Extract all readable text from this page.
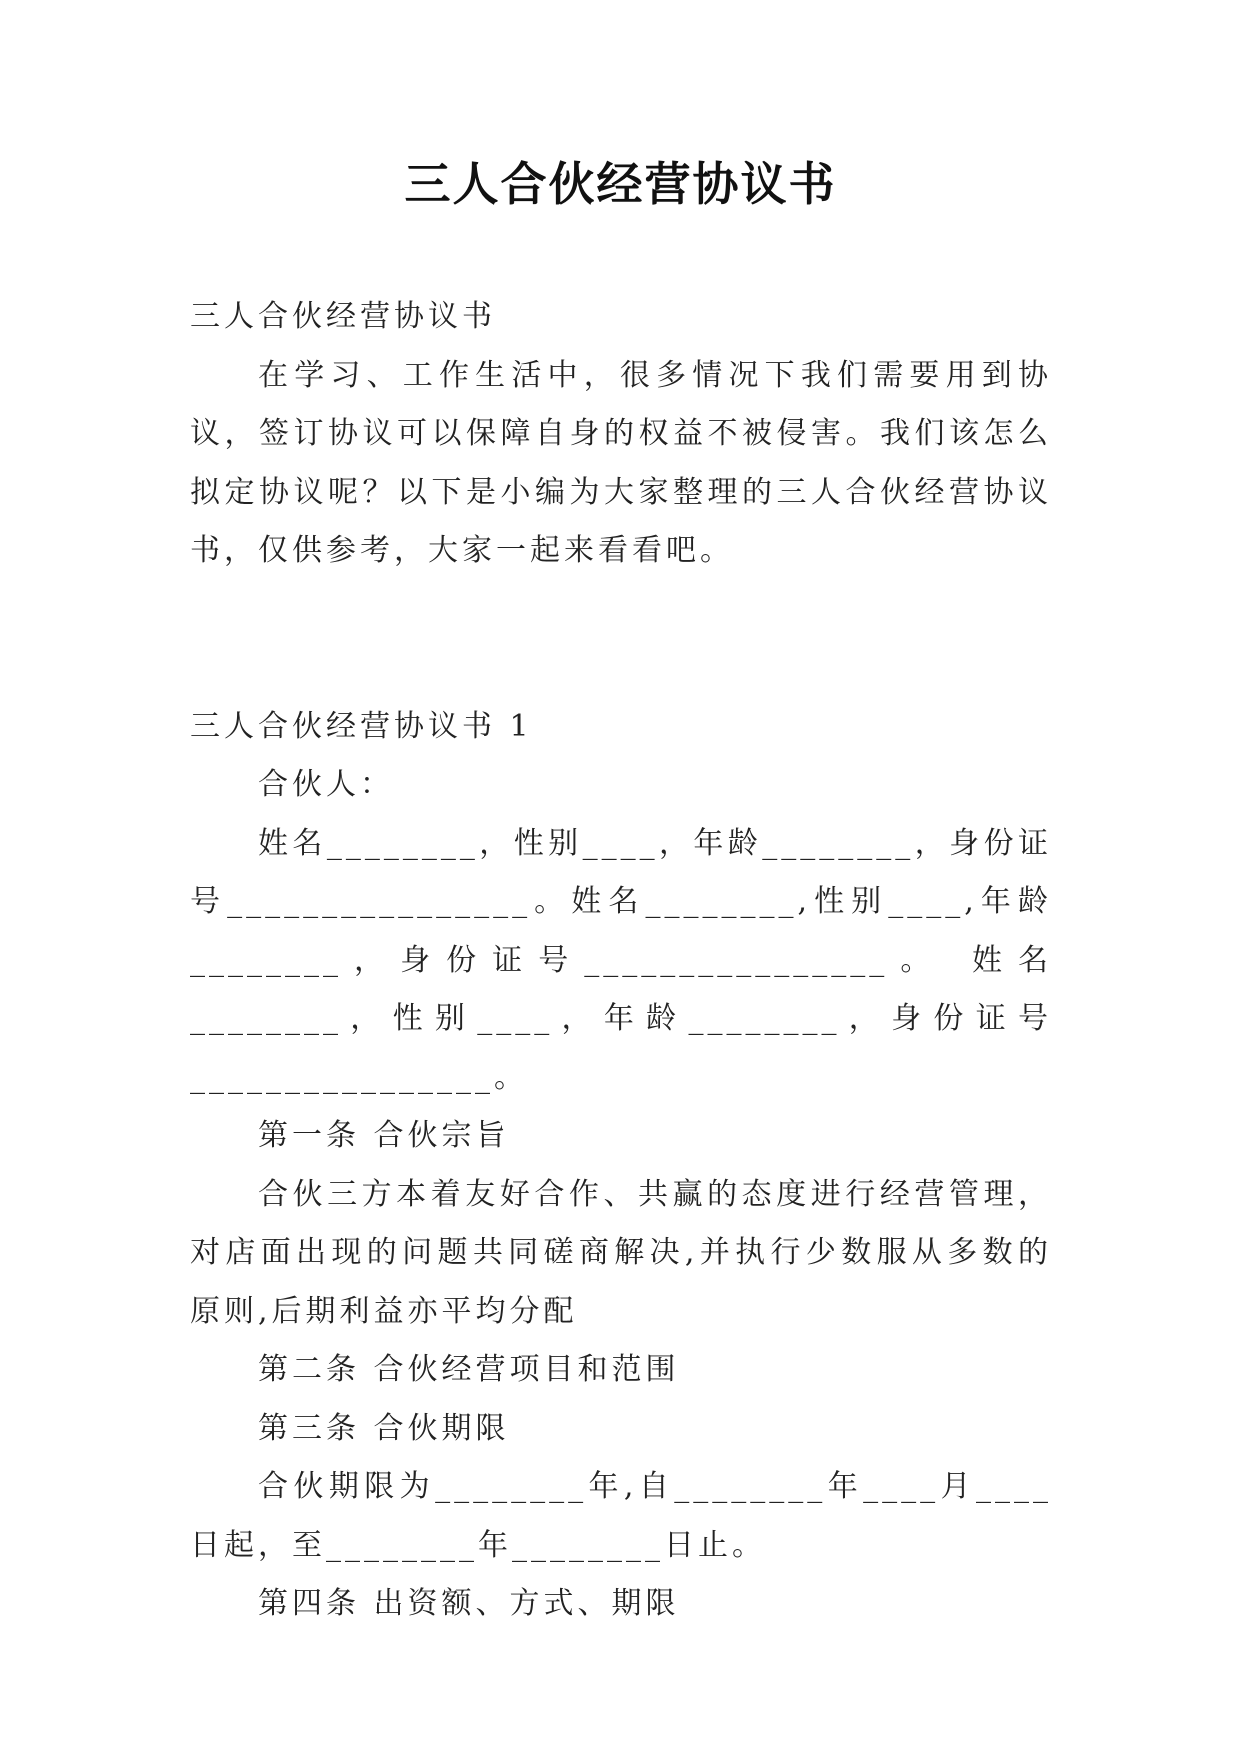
三人合伙经营协议书

三人合伙经营协议书

在学习、工作生活中，很多情况下我们需要用到协议，签订协议可以保障自身的权益不被侵害。我们该怎么拟定协议呢？以下是小编为大家整理的三人合伙经营协议书，仅供参考，大家一起来看看吧。

三人合伙经营协议书 1

合伙人：

姓名________，性别____，年龄________，身份证号________________。姓名________,性别____,年龄________，身份证号________________。 姓名________，性别____，年龄________，身份证号________________。

第一条 合伙宗旨

合伙三方本着友好合作、共赢的态度进行经营管理，对店面出现的问题共同磋商解决,并执行少数服从多数的原则,后期利益亦平均分配

第二条 合伙经营项目和范围

第三条 合伙期限

合伙期限为________年,自________年____月____日起，至________年________日止。

第四条 出资额、方式、期限
